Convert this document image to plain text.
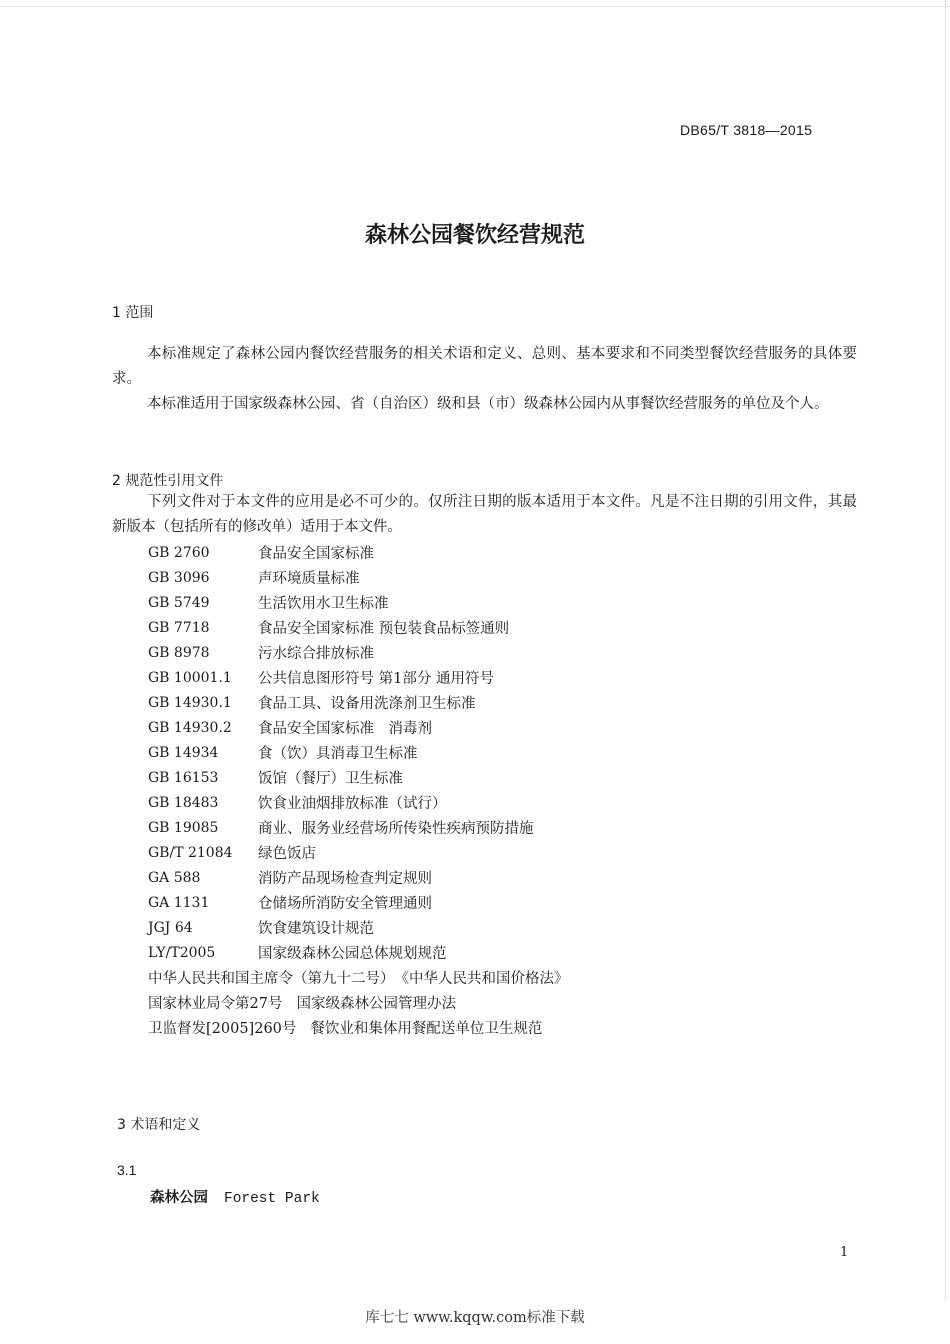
DB65/T 3818—2015
森林公园餐饮经营规范
1 范围
本标准规定了森林公园内餐饮经营服务的相关术语和定义、总则、基本要求和不同类型餐饮经营服务的具体要求。
本标准适用于国家级森林公园、省（自治区）级和县（市）级森林公园内从事餐饮经营服务的单位及个人。
2 规范性引用文件
下列文件对于本文件的应用是必不可少的。仅所注日期的版本适用于本文件。凡是不注日期的引用文件，其最新版本（包括所有的修改单）适用于本文件。
GB 2760	食品安全国家标准
GB 3096	声环境质量标准
GB 5749	生活饮用水卫生标准
GB 7718	食品安全国家标准 预包装食品标签通则
GB 8978	污水综合排放标准
GB 10001.1	公共信息图形符号 第1部分 通用符号
GB 14930.1	食品工具、设备用洗涤剂卫生标准
GB 14930.2	食品安全国家标准　消毒剂
GB 14934	食（饮）具消毒卫生标准
GB 16153	饭馆（餐厅）卫生标准
GB 18483	饮食业油烟排放标准（试行）
GB 19085	商业、服务业经营场所传染性疾病预防措施
GB/T 21084	绿色饭店
GA 588	消防产品现场检查判定规则
GA 1131	仓储场所消防安全管理通则
JGJ 64	饮食建筑设计规范
LY/T2005	国家级森林公园总体规划规范
中华人民共和国主席令（第九十二号） 《中华人民共和国价格法》
国家林业局令第27号 国家级森林公园管理办法
卫监督发[2005]260号 餐饮业和集体用餐配送单位卫生规范
3 术语和定义
3.1
森林公园 Forest Park
1
库七七 www.kqqw.com标准下载
